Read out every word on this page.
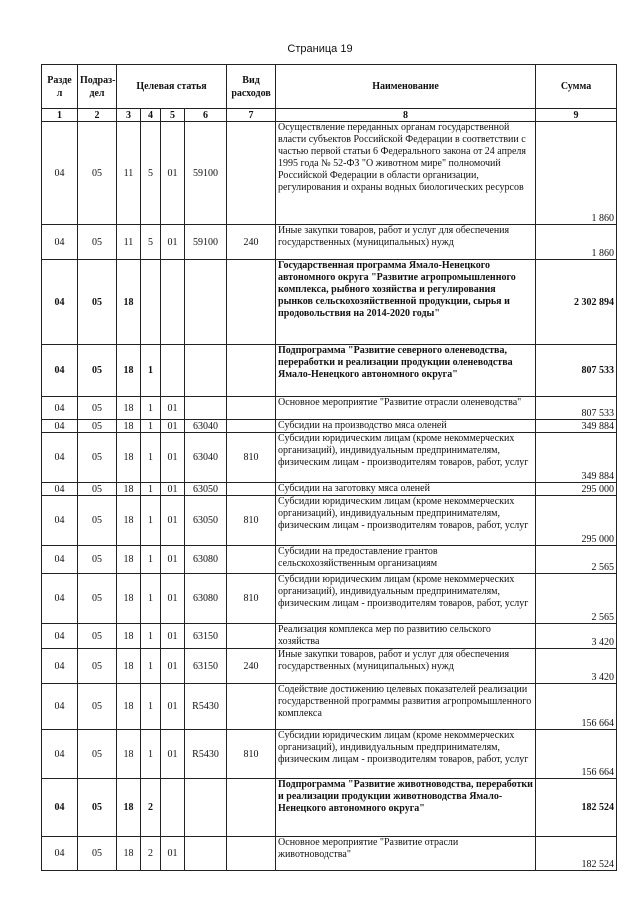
Страница 19
Разде л	Подраз- дел	Целевая статья				Вид расходов	Наименование	Сумма
1	2	3	4	5	6	7	8	9
04	05	11	5	01	59100		Осуществление переданных органам государственной власти субъектов Российской Федерации в соответствии с частью первой статьи 6 Федерального закона от 24 апреля 1995 года № 52-ФЗ "О животном мире" полномочий Российской Федерации в области организации, регулирования и охраны водных биологических ресурсов	1 860
04	05	11	5	01	59100	240	Иные закупки товаров, работ и услуг для обеспечения государственных (муниципальных) нужд	1 860
04	05	18					Государственная программа Ямало-Ненецкого автономного округа "Развитие агропромышленного комплекса, рыбного хозяйства и регулирования рынков сельскохозяйственной продукции, сырья и продовольствия на 2014-2020 годы"	2 302 894
04	05	18	1				Подпрограмма "Развитие северного оленеводства, переработки и реализации продукции оленеводства Ямало-Ненецкого автономного округа"	807 533
04	05	18	1	01			Основное мероприятие "Развитие отрасли оленеводства"	807 533
04	05	18	1	01	63040		Субсидии на производство мяса оленей	349 884
04	05	18	1	01	63040	810	Субсидии юридическим лицам (кроме некоммерческих организаций), индивидуальным предпринимателям, физическим лицам - производителям товаров, работ, услуг	349 884
04	05	18	1	01	63050		Субсидии на заготовку мяса оленей	295 000
04	05	18	1	01	63050	810	Субсидии юридическим лицам (кроме некоммерческих организаций), индивидуальным предпринимателям, физическим лицам - производителям товаров, работ, услуг	295 000
04	05	18	1	01	63080		Субсидии на предоставление грантов сельскохозяйственным организациям	2 565
04	05	18	1	01	63080	810	Субсидии юридическим лицам (кроме некоммерческих организаций), индивидуальным предпринимателям, физическим лицам - производителям товаров, работ, услуг	2 565
04	05	18	1	01	63150		Реализация комплекса мер по развитию сельского хозяйства	3 420
04	05	18	1	01	63150	240	Иные закупки товаров, работ и услуг для обеспечения государственных (муниципальных) нужд	3 420
04	05	18	1	01	R5430		Содействие достижению целевых показателей реализации государственной программы развития агропромышленного комплекса	156 664
04	05	18	1	01	R5430	810	Субсидии юридическим лицам (кроме некоммерческих организаций), индивидуальным предпринимателям, физическим лицам - производителям товаров, работ, услуг	156 664
04	05	18	2				Подпрограмма "Развитие животноводства, переработки и реализации продукции животноводства Ямало-Ненецкого автономного округа"	182 524
04	05	18	2	01			Основное мероприятие "Развитие отрасли животноводства"	182 524
